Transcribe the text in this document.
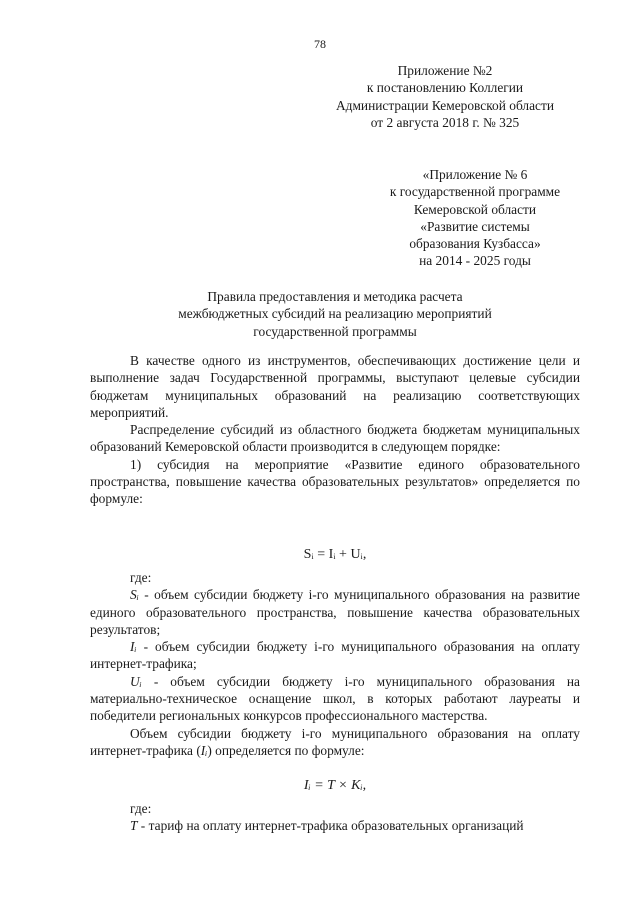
78
Приложение №2
к постановлению Коллегии
Администрации Кемеровской области
от 2 августа 2018 г. № 325
«Приложение № 6
к государственной программе
Кемеровской области
«Развитие системы
образования Кузбасса»
на 2014 - 2025 годы
Правила предоставления и методика расчета
межбюджетных субсидий на реализацию мероприятий
государственной программы

В качестве одного из инструментов, обеспечивающих достижение цели и выполнение задач Государственной программы, выступают целевые субсидии бюджетам муниципальных образований на реализацию соответствующих мероприятий.

Распределение субсидий из областного бюджета бюджетам муниципальных образований Кемеровской области производится в следующем порядке:

1) субсидия на мероприятие «Развитие единого образовательного пространства, повышение качества образовательных результатов» определяется по формуле:

Sᵢ = Iᵢ + Uᵢ,

где:

Sᵢ - объем субсидии бюджету i-го муниципального образования на развитие единого образовательного пространства, повышение качества образовательных результатов;

Iᵢ - объем субсидии бюджету i-го муниципального образования на оплату интернет-трафика;

Uᵢ - объем субсидии бюджету i-го муниципального образования на материально-техническое оснащение школ, в которых работают лауреаты и победители региональных конкурсов профессионального мастерства.

Объем субсидии бюджету i-го муниципального образования на оплату интернет-трафика (Iᵢ) определяется по формуле:

Iᵢ = T × Kᵢ,

где:

T - тариф на оплату интернет-трафика образовательных организаций
